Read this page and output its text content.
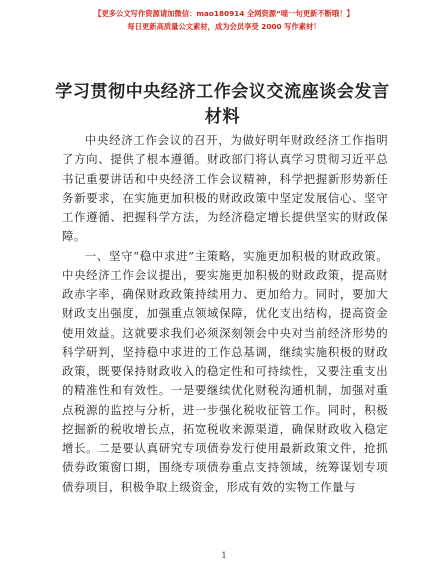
【更多公文写作资源请加微信：mao180914 全网资源“喵一句更新不断哦！】
每日更新高质量公文素材，成为会员享受 2000 写作素材！
学习贯彻中央经济工作会议交流座谈会发言材料

中央经济工作会议的召开，为做好明年财政经济工作指明了方向、提供了根本遵循。财政部门将认真学习贯彻习近平总书记重要讲话和中央经济工作会议精神，科学把握新形势新任务新要求，在实施更加积极的财政政策中坚定发展信心、坚守工作遵循、把握科学方法，为经济稳定增长提供坚实的财政保障。

一、坚守“稳中求进”主策略，实施更加积极的财政政策。中央经济工作会议提出，要实施更加积极的财政政策，提高财政赤字率，确保财政政策持续用力、更加给力。同时，要加大财政支出强度，加强重点领域保障，优化支出结构，提高资金使用效益。这就要求我们必须深刻领会中央对当前经济形势的科学研判，坚持稳中求进的工作总基调，继续实施积极的财政政策，既要保持财政收入的稳定性和可持续性，又要注重支出的精准性和有效性。一是要继续优化财税沟通机制，加强对重点税源的监控与分析，进一步强化税收征管工作。同时，积极挖掘新的税收增长点，拓宽税收来源渠道，确保财政收入稳定增长。二是要认真研究专项债券发行使用最新政策文件，抢抓债券政策窗口期，围绕专项债券重点支持领域，统筹谋划专项债券项目，积极争取上级资金，形成有效的实物工作量与

1
